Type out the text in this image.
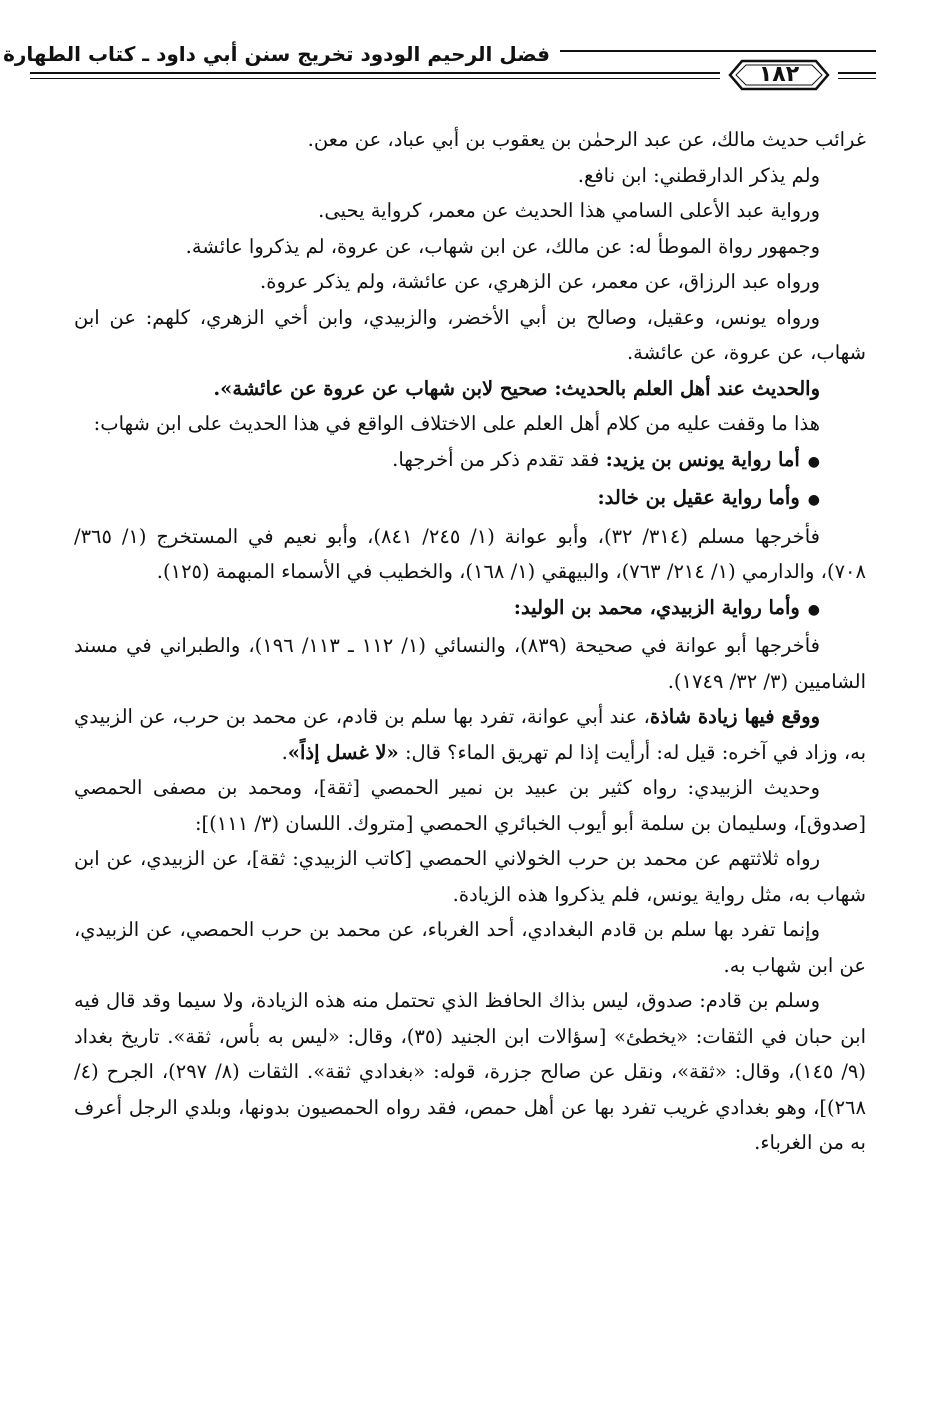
فضل الرحيم الودود تخريج سنن أبي داود ـ كتاب الطهارة
١٨٢

غرائب حديث مالك، عن عبد الرحمٰن بن يعقوب بن أبي عباد، عن معن.

ولم يذكر الدارقطني: ابن نافع.

ورواية عبد الأعلى السامي هذا الحديث عن معمر، كرواية يحيى.

وجمهور رواة الموطأ له: عن مالك، عن ابن شهاب، عن عروة، لم يذكروا عائشة.

ورواه عبد الرزاق، عن معمر، عن الزهري، عن عائشة، ولم يذكر عروة.

ورواه يونس، وعقيل، وصالح بن أبي الأخضر، والزبيدي، وابن أخي الزهري، كلهم: عن ابن شهاب، عن عروة، عن عائشة.

والحديث عند أهل العلم بالحديث: صحيح لابن شهاب عن عروة عن عائشة».

هذا ما وقفت عليه من كلام أهل العلم على الاختلاف الواقع في هذا الحديث على ابن شهاب:

●أما رواية يونس بن يزيد: فقد تقدم ذكر من أخرجها.

●وأما رواية عقيل بن خالد:

فأخرجها مسلم (٣١٤/ ٣٢)، وأبو عوانة (١/ ٢٤٥/ ٨٤١)، وأبو نعيم في المستخرج (١/ ٣٦٥/ ٧٠٨)، والدارمي (١/ ٢١٤/ ٧٦٣)، والبيهقي (١/ ١٦٨)، والخطيب في الأسماء المبهمة (١٢٥).

●وأما رواية الزبيدي، محمد بن الوليد:

فأخرجها أبو عوانة في صحيحة (٨٣٩)، والنسائي (١/ ١١٢ ـ ١١٣/ ١٩٦)، والطبراني في مسند الشاميين (٣/ ٣٢/ ١٧٤٩).

ووقع فيها زيادة شاذة، عند أبي عوانة، تفرد بها سلم بن قادم، عن محمد بن حرب، عن الزبيدي به، وزاد في آخره: قيل له: أرأيت إذا لم تهريق الماء؟ قال: «لا غسل إذاً».

وحديث الزبيدي: رواه كثير بن عبيد بن نمير الحمصي [ثقة]، ومحمد بن مصفى الحمصي [صدوق]، وسليمان بن سلمة أبو أيوب الخبائري الحمصي [متروك. اللسان (٣/ ١١١)]:

رواه ثلاثتهم عن محمد بن حرب الخولاني الحمصي [كاتب الزبيدي: ثقة]، عن الزبيدي، عن ابن شهاب به، مثل رواية يونس، فلم يذكروا هذه الزيادة.

وإنما تفرد بها سلم بن قادم البغدادي، أحد الغرباء، عن محمد بن حرب الحمصي، عن الزبيدي، عن ابن شهاب به.

وسلم بن قادم: صدوق، ليس بذاك الحافظ الذي تحتمل منه هذه الزيادة، ولا سيما وقد قال فيه ابن حبان في الثقات: «يخطئ» [سؤالات ابن الجنيد (٣٥)، وقال: «ليس به بأس، ثقة». تاريخ بغداد (٩/ ١٤٥)، وقال: «ثقة»، ونقل عن صالح جزرة، قوله: «بغدادي ثقة». الثقات (٨/ ٢٩٧)، الجرح (٤/ ٢٦٨)]، وهو بغدادي غريب تفرد بها عن أهل حمص، فقد رواه الحمصيون بدونها، وبلدي الرجل أعرف به من الغرباء.
